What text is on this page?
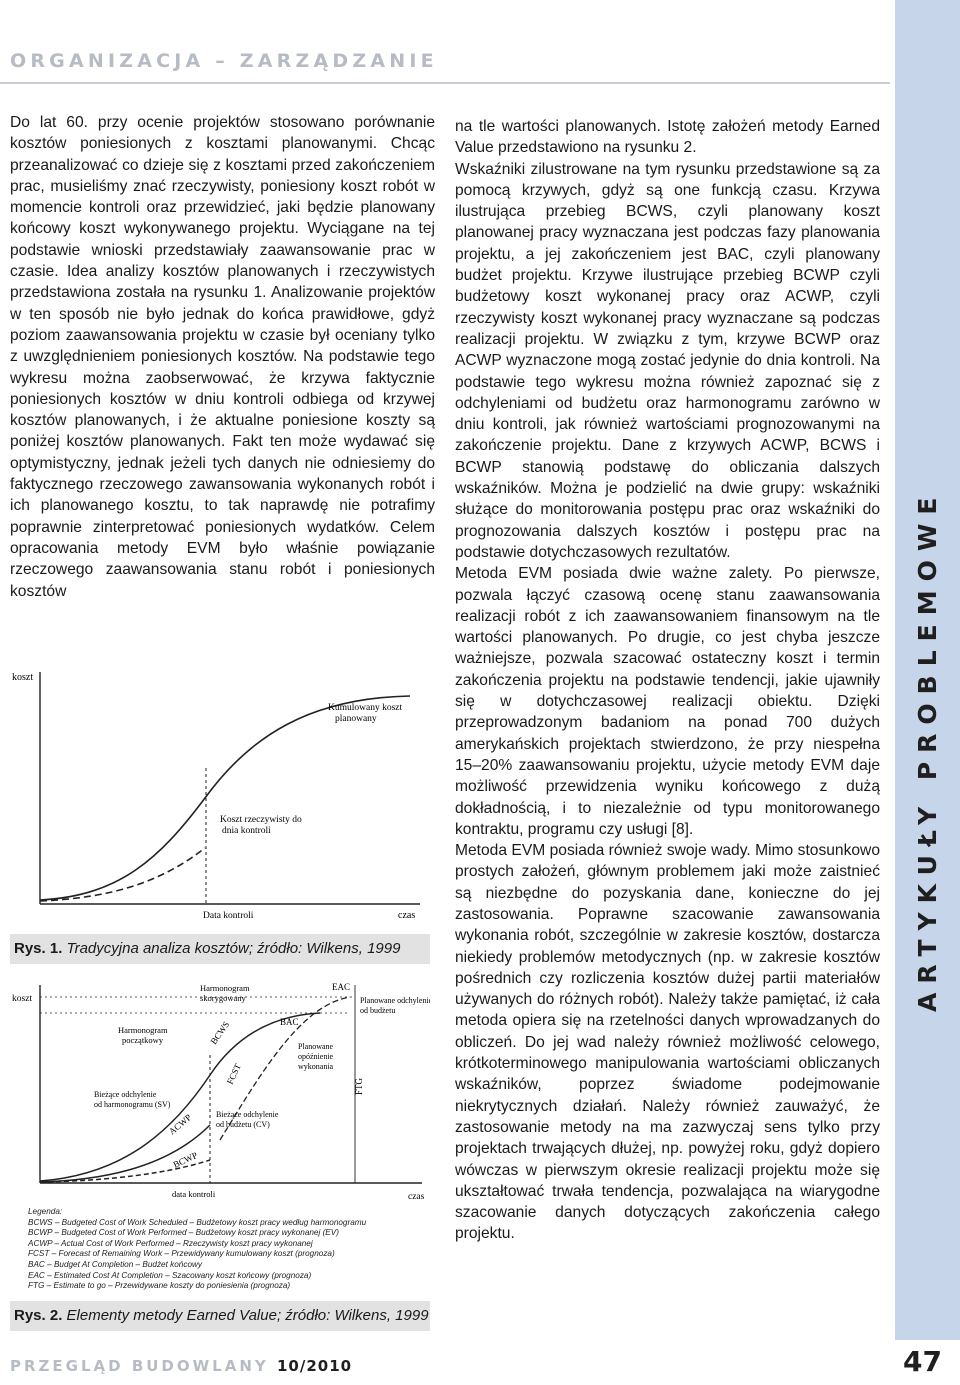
ORGANIZACJA – ZARZĄDZANIE
ARTYKUŁY PROBLEMOWE

Do lat 60. przy ocenie projektów stosowano porównanie kosztów poniesionych z kosztami planowanymi. Chcąc przeanalizować co dzieje się z kosztami przed zakończeniem prac, musieliśmy znać rzeczywisty, poniesiony koszt robót w momencie kontroli oraz przewidzieć, jaki będzie planowany końcowy koszt wykonywanego projektu. Wyciągane na tej podstawie wnioski przedstawiały zaawansowanie prac w czasie. Idea analizy kosztów planowanych i rzeczywistych przedstawiona została na rysunku 1. Analizowanie projektów w ten sposób nie było jednak do końca prawidłowe, gdyż poziom zaawansowania projektu w czasie był oceniany tylko z uwzględnieniem poniesionych kosztów. Na podstawie tego wykresu można zaobserwować, że krzywa faktycznie poniesionych kosztów w dniu kontroli odbiega od krzywej kosztów planowanych, i że aktualne poniesione koszty są poniżej kosztów planowanych. Fakt ten może wydawać się optymistyczny, jednak jeżeli tych danych nie odniesiemy do faktycznego rzeczowego zawansowania wykonanych robót i ich planowanego kosztu, to tak naprawdę nie potrafimy poprawnie zinterpretować poniesionych wydatków. Celem opracowania metody EVM było właśnie powiązanie rzeczowego zaawansowania stanu robót i poniesionych kosztów

koszt
czas
Kumulowany koszt
planowany
Koszt rzeczywisty do
dnia kontroli
Data kontroli
Rys. 1. Tradycyjna analiza kosztów; źródło: Wilkens, 1999
koszt
czas
EAC
BAC
FTG
BCWS
FCST
ACWP
BCWP
Harmonogram
skorygowany
Harmonogram
początkowy
Bieżące odchylenie
od harmonogramu (SV)
Bieżące odchylenie
od budżetu (CV)
Planowane
opóźnienie
wykonania
Planowane odchylenie
od budżetu
data kontroli
Legenda:
BCWS – Budgeted Cost of Work Scheduled – Budżetowy koszt pracy według harmonogramu
BCWP – Budgeted Cost of Work Performed – Budżetowy koszt pracy wykonanej (EV)
ACWP – Actual Cost of Work Performed – Rzeczywisty koszt pracy wykonanej
FCST – Forecast of Remaining Work – Przewidywany kumulowany koszt (prognoza)
BAC – Budget At Completion – Budżet końcowy
EAC – Estimated Cost At Completion – Szacowany koszt końcowy (prognoza)
FTG – Estimate to go – Przewidywane koszty do poniesienia (prognoza)
Rys. 2. Elementy metody Earned Value; źródło: Wilkens, 1999

na tle wartości planowanych. Istotę założeń metody Earned Value przedstawiono na rysunku 2.

Wskaźniki zilustrowane na tym rysunku przedstawione są za pomocą krzywych, gdyż są one funkcją czasu. Krzywa ilustrująca przebieg BCWS, czyli planowany koszt planowanej pracy wyznaczana jest podczas fazy planowania projektu, a jej zakończeniem jest BAC, czyli planowany budżet projektu. Krzywe ilustrujące przebieg BCWP czyli budżetowy koszt wykonanej pracy oraz ACWP, czyli rzeczywisty koszt wykonanej pracy wyznaczane są podczas realizacji projektu. W związku z tym, krzywe BCWP oraz ACWP wyznaczone mogą zostać jedynie do dnia kontroli. Na podstawie tego wykresu można również zapoznać się z odchyleniami od budżetu oraz harmonogramu zarówno w dniu kontroli, jak również wartościami prognozowanymi na zakończenie projektu. Dane z krzywych ACWP, BCWS i BCWP stanowią podstawę do obliczania dalszych wskaźników. Można je podzielić na dwie grupy: wskaźniki służące do monitorowania postępu prac oraz wskaźniki do prognozowania dalszych kosztów i postępu prac na podstawie dotychczasowych rezultatów.

Metoda EVM posiada dwie ważne zalety. Po pierwsze, pozwala łączyć czasową ocenę stanu zaawansowania realizacji robót z ich zaawansowaniem finansowym na tle wartości planowanych. Po drugie, co jest chyba jeszcze ważniejsze, pozwala szacować ostateczny koszt i termin zakończenia projektu na podstawie tendencji, jakie ujawniły się w dotychczasowej realizacji obiektu. Dzięki przeprowadzonym badaniom na ponad 700 dużych amerykańskich projektach stwierdzono, że przy niespełna 15–20% zaawansowaniu projektu, użycie metody EVM daje możliwość przewidzenia wyniku końcowego z dużą dokładnością, i to niezależnie od typu monitorowanego kontraktu, programu czy usługi [8].

Metoda EVM posiada również swoje wady. Mimo stosunkowo prostych założeń, głównym problemem jaki może zaistnieć są niezbędne do pozyskania dane, konieczne do jej zastosowania. Poprawne szacowanie zawansowania wykonania robót, szczególnie w zakresie kosztów, dostarcza niekiedy problemów metodycznych (np. w zakresie kosztów pośrednich czy rozliczenia kosztów dużej partii materiałów używanych do różnych robót). Należy także pamiętać, iż cała metoda opiera się na rzetelności danych wprowadzanych do obliczeń. Do jej wad należy również możliwość celowego, krótkoterminowego manipulowania wartościami obliczanych wskaźników, poprzez świadome podejmowanie niekrytycznych działań. Należy również zauważyć, że zastosowanie metody na ma zazwyczaj sens tylko przy projektach trwających dłużej, np. powyżej roku, gdyż dopiero wówczas w pierwszym okresie realizacji projektu może się ukształtować trwała tendencja, pozwalająca na wiarygodne szacowanie danych dotyczących zakończenia całego projektu.

PRZEGLĄD BUDOWLANY 10/2010	47
